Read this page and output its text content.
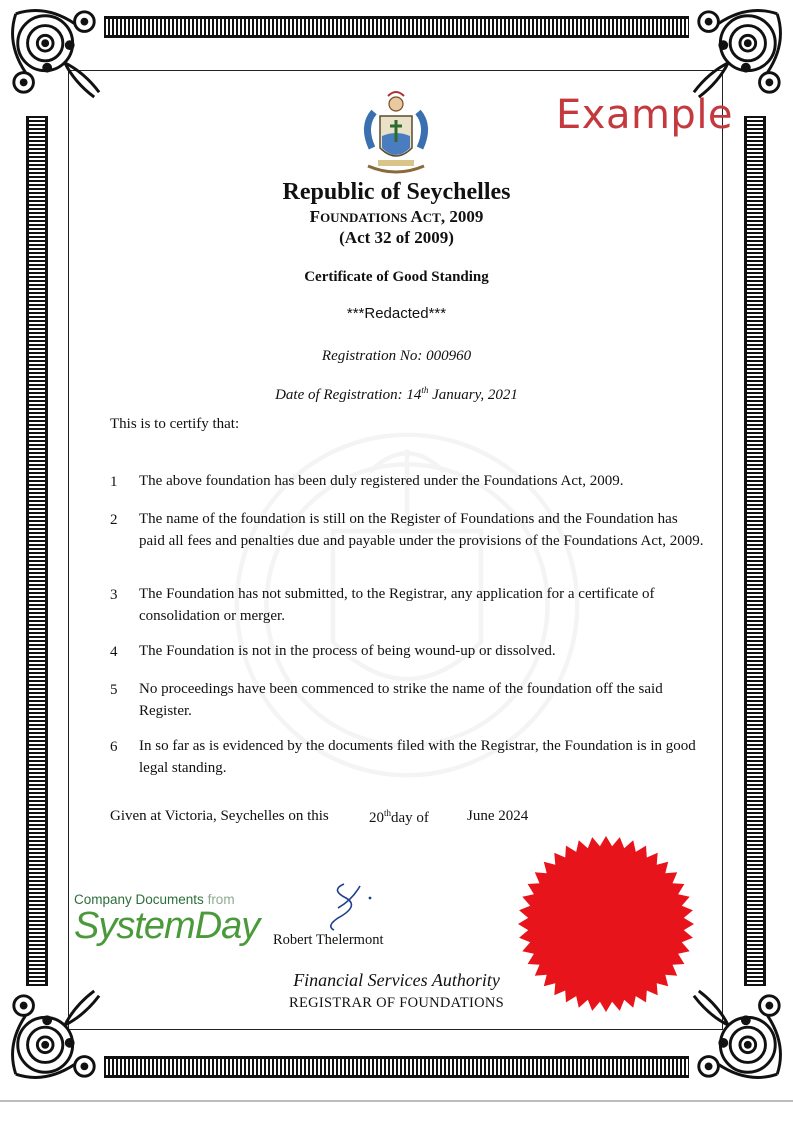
Example
Republic of Seychelles
FOUNDATIONS ACT, 2009
(Act 32 of 2009)
Certificate of Good Standing
***Redacted***
Registration No: 000960
Date of Registration: 14th January, 2021
This is to certify that:
1 The above foundation has been duly registered under the Foundations Act, 2009.
2 The name of the foundation is still on the Register of Foundations and the Foundation has paid all fees and penalties due and payable under the provisions of the Foundations Act, 2009.
3 The Foundation has not submitted, to the Registrar, any application for a certificate of consolidation or merger.
4 The Foundation is not in the process of being wound-up or dissolved.
5 No proceedings have been commenced to strike the name of the foundation off the said Register.
6 In so far as is evidenced by the documents filed with the Registrar, the Foundation is in good legal standing.
Given at Victoria, Seychelles on this	20thday of	June 2024
Company Documents from
SystemDay Robert Thelermont
Financial Services Authority
REGISTRAR OF FOUNDATIONS
